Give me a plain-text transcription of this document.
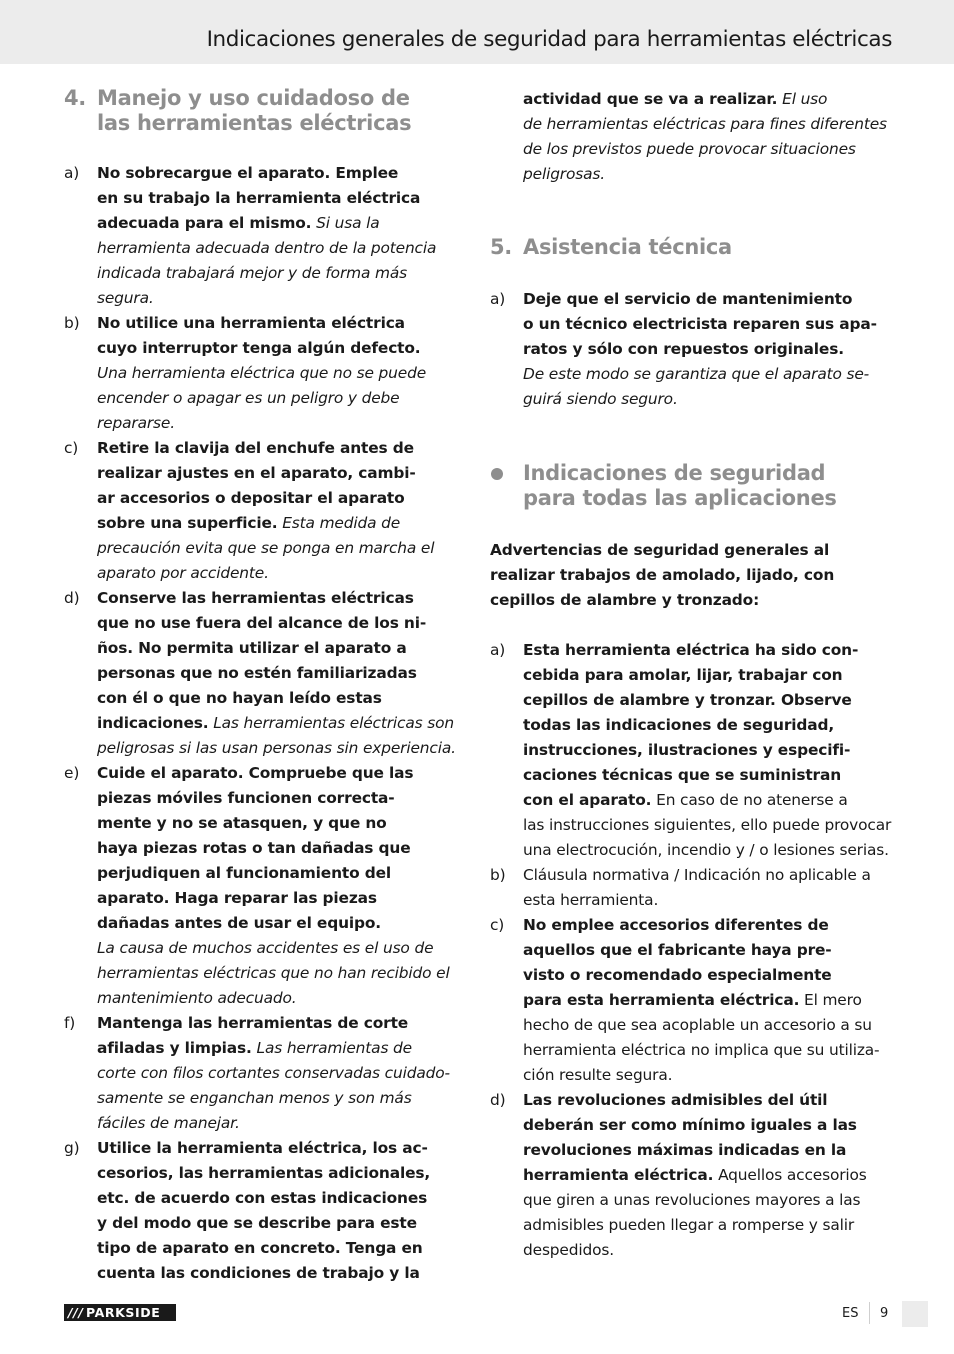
Indicaciones generales de seguridad para herramientas eléctricas
4. Manejo y uso cuidadoso de
las herramientas eléctricas
a) No sobrecargue el aparato. Emplee
en su trabajo la herramienta eléctrica
adecuada para el mismo. Si usa la
herramienta adecuada dentro de la potencia
indicada trabajará mejor y de forma más
segura.
b) No utilice una herramienta eléctrica
cuyo interruptor tenga algún defecto.
Una herramienta eléctrica que no se puede
encender o apagar es un peligro y debe
repararse.
c) Retire la clavija del enchufe antes de
realizar ajustes en el aparato, cambi-
ar accesorios o depositar el aparato
sobre una superficie. Esta medida de
precaución evita que se ponga en marcha el
aparato por accidente.
d) Conserve las herramientas eléctricas
que no use fuera del alcance de los ni-
ños. No permita utilizar el aparato a
personas que no estén familiarizadas
con él o que no hayan leído estas
indicaciones. Las herramientas eléctricas son
peligrosas si las usan personas sin experiencia.
e) Cuide el aparato. Compruebe que las
piezas móviles funcionen correcta-
mente y no se atasquen, y que no
haya piezas rotas o tan dañadas que
perjudiquen al funcionamiento del
aparato. Haga reparar las piezas
dañadas antes de usar el equipo.
La causa de muchos accidentes es el uso de
herramientas eléctricas que no han recibido el
mantenimiento adecuado.
f) Mantenga las herramientas de corte
afiladas y limpias. Las herramientas de
corte con filos cortantes conservadas cuidado-
samente se enganchan menos y son más
fáciles de manejar.
g) Utilice la herramienta eléctrica, los ac-
cesorios, las herramientas adicionales,
etc. de acuerdo con estas indicaciones
y del modo que se describe para este
tipo de aparato en concreto. Tenga en
cuenta las condiciones de trabajo y la
actividad que se va a realizar. El uso
de herramientas eléctricas para fines diferentes
de los previstos puede provocar situaciones
peligrosas.
5. Asistencia técnica
a) Deje que el servicio de mantenimiento
o un técnico electricista reparen sus apa-
ratos y sólo con repuestos originales.
De este modo se garantiza que el aparato se-
guirá siendo seguro.
Indicaciones de seguridad
para todas las aplicaciones
Advertencias de seguridad generales al
realizar trabajos de amolado, lijado, con
cepillos de alambre y tronzado:
a) Esta herramienta eléctrica ha sido con-
cebida para amolar, lijar, trabajar con
cepillos de alambre y tronzar. Observe
todas las indicaciones de seguridad,
instrucciones, ilustraciones y especifi-
caciones técnicas que se suministran
con el aparato. En caso de no atenerse a
las instrucciones siguientes, ello puede provocar
una electrocución, incendio y / o lesiones serias.
b) Cláusula normativa / Indicación no aplicable a
esta herramienta.
c) No emplee accesorios diferentes de
aquellos que el fabricante haya pre-
visto o recomendado especialmente
para esta herramienta eléctrica. El mero
hecho de que sea acoplable un accesorio a su
herramienta eléctrica no implica que su utiliza-
ción resulte segura.
d) Las revoluciones admisibles del útil
deberán ser como mínimo iguales a las
revoluciones máximas indicadas en la
herramienta eléctrica. Aquellos accesorios
que giren a unas revoluciones mayores a las
admisibles pueden llegar a romperse y salir
despedidos.
/// PARKSIDE	ES 9
